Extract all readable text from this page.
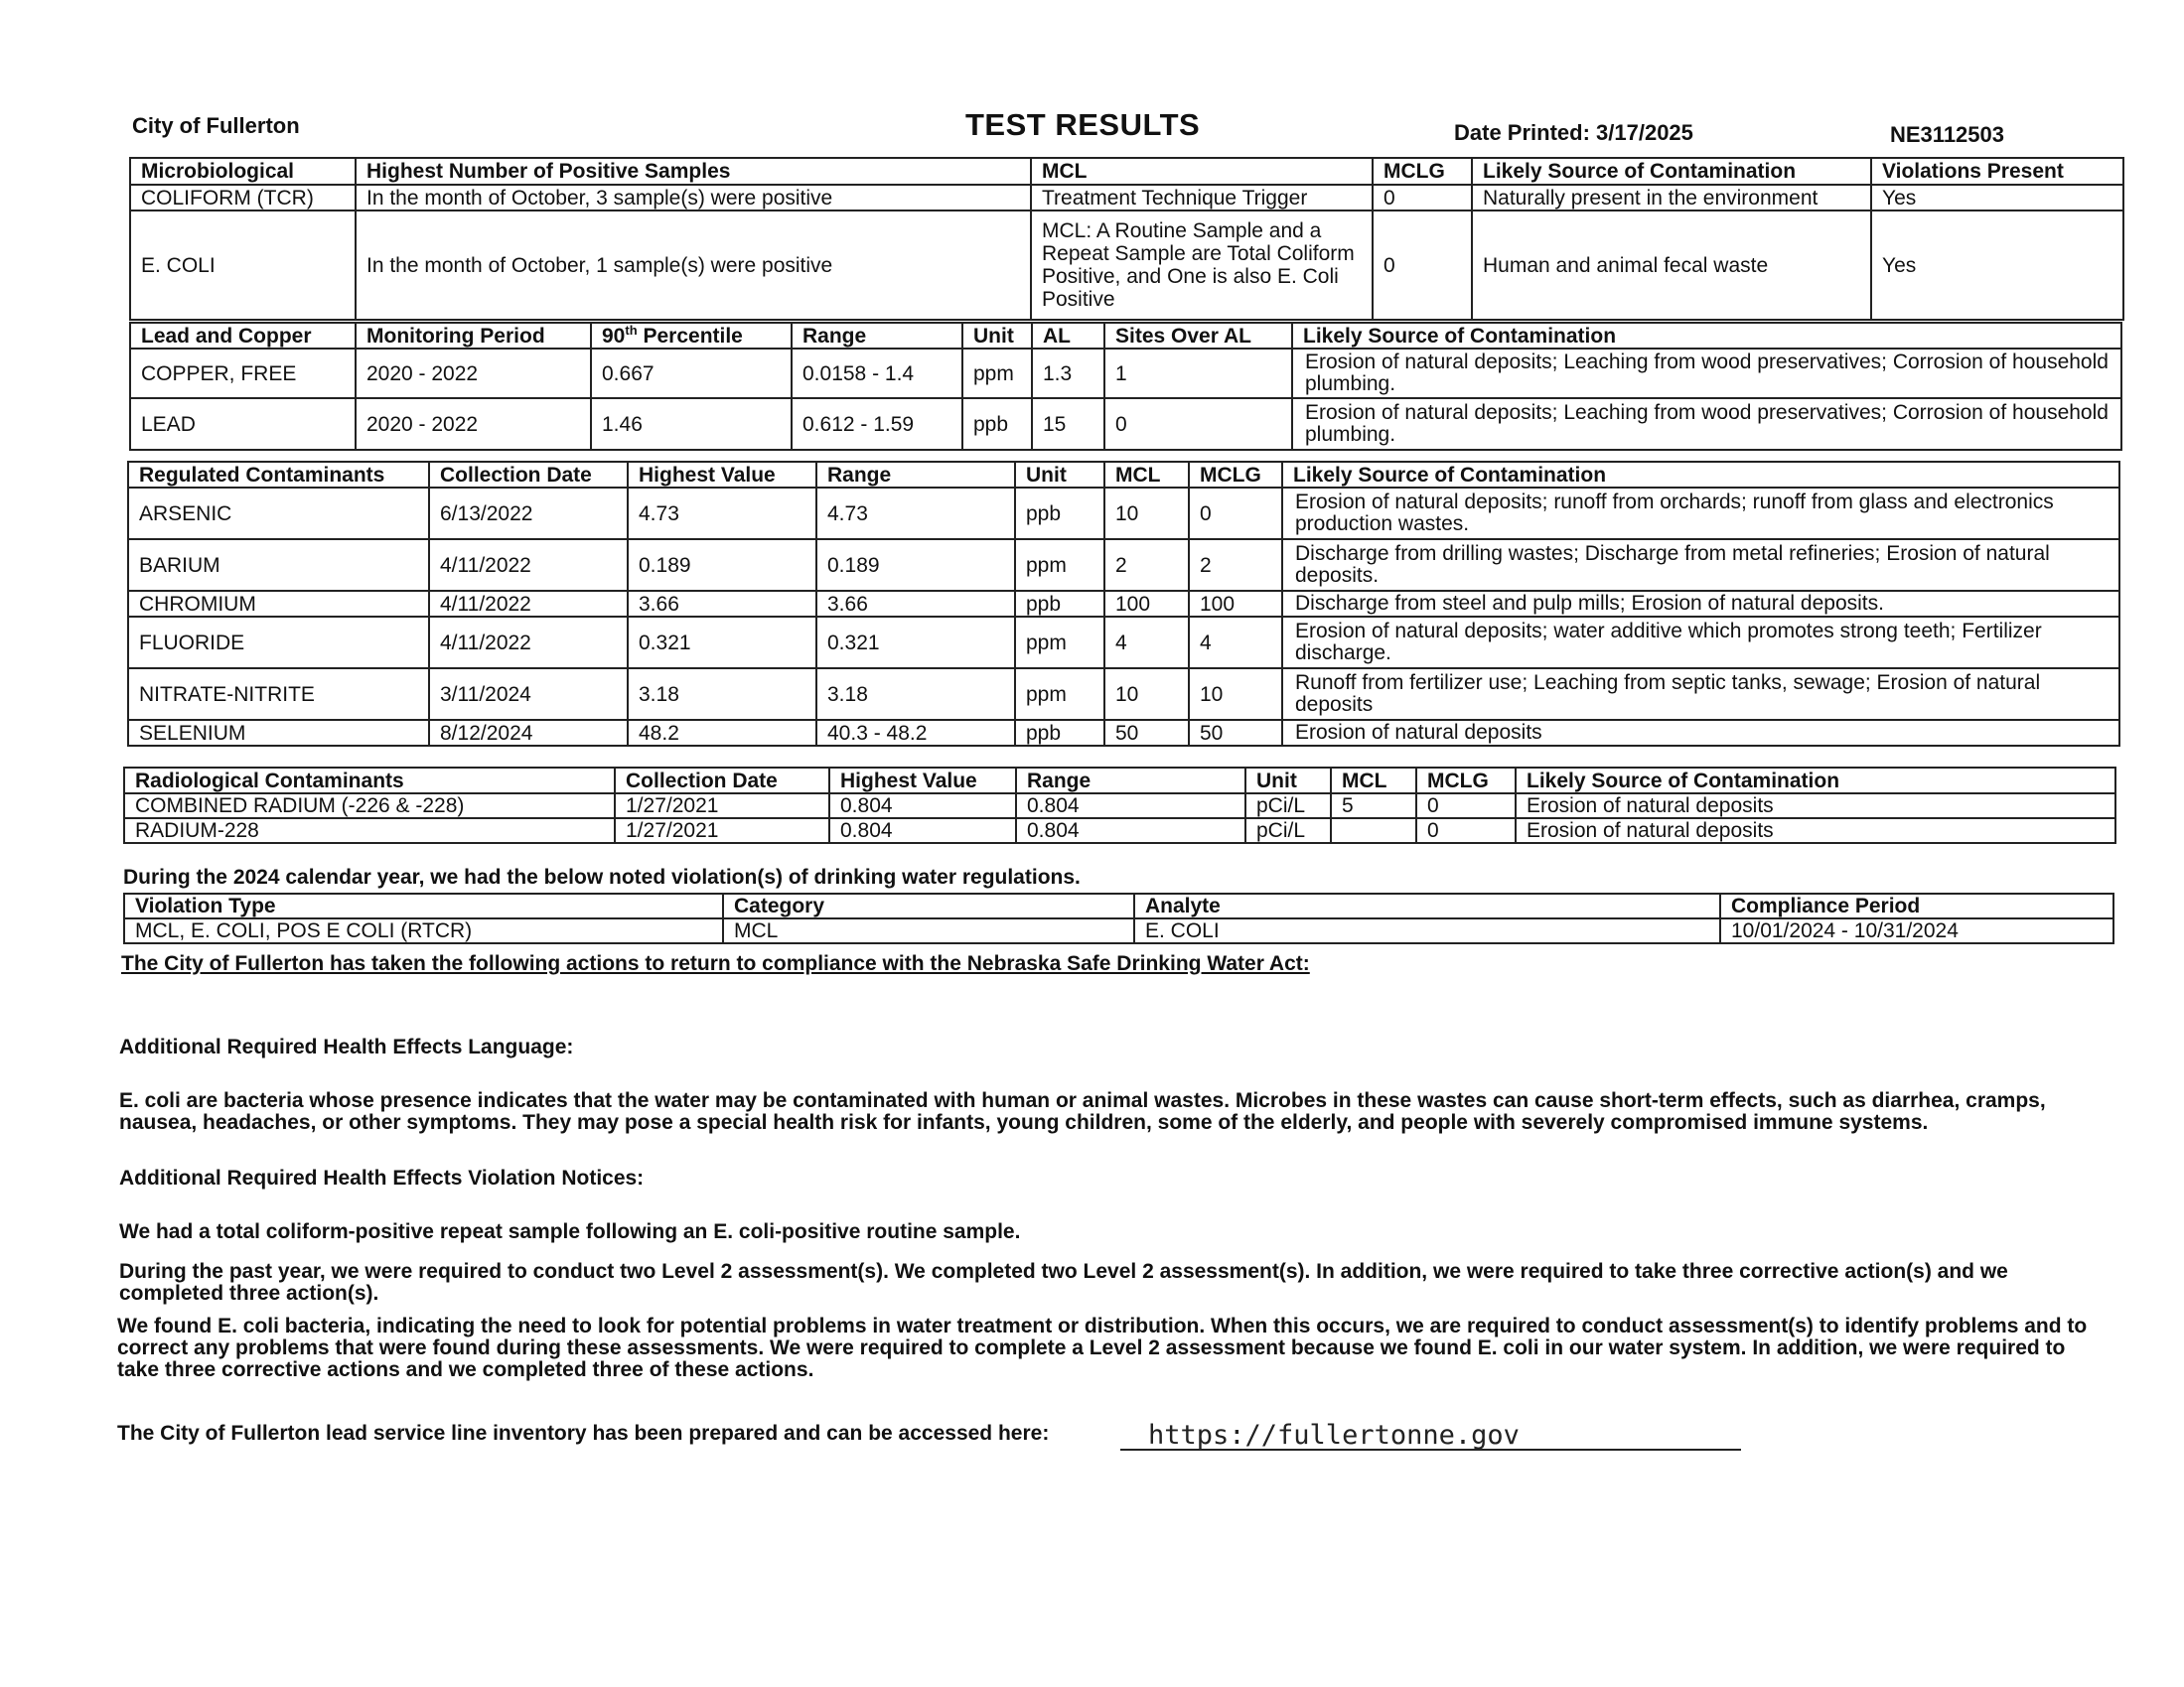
City of Fullerton	TEST RESULTS	Date Printed: 3/17/2025	NE3112503
Microbiological	Highest Number of Positive Samples	MCL	MCLG	Likely Source of Contamination	Violations Present
COLIFORM (TCR)	In the month of October, 3 sample(s) were positive	Treatment Technique Trigger	0	Naturally present in the environment	Yes
E. COLI	In the month of October, 1 sample(s) were positive	MCL: A Routine Sample and a Repeat Sample are Total Coliform Positive, and One is also E. Coli Positive	0	Human and animal fecal waste	Yes
Lead and Copper	Monitoring Period	90th Percentile	Range	Unit	AL	Sites Over AL	Likely Source of Contamination
COPPER, FREE	2020 - 2022	0.667	0.0158 - 1.4	ppm	1.3	1	Erosion of natural deposits; Leaching from wood preservatives; Corrosion of household plumbing.
LEAD	2020 - 2022	1.46	0.612 - 1.59	ppb	15	0	Erosion of natural deposits; Leaching from wood preservatives; Corrosion of household plumbing.
Regulated Contaminants	Collection Date	Highest Value	Range	Unit	MCL	MCLG	Likely Source of Contamination
ARSENIC	6/13/2022	4.73	4.73	ppb	10	0	Erosion of natural deposits; runoff from orchards; runoff from glass and electronics production wastes.
BARIUM	4/11/2022	0.189	0.189	ppm	2	2	Discharge from drilling wastes; Discharge from metal refineries; Erosion of natural deposits.
CHROMIUM	4/11/2022	3.66	3.66	ppb	100	100	Discharge from steel and pulp mills; Erosion of natural deposits.
FLUORIDE	4/11/2022	0.321	0.321	ppm	4	4	Erosion of natural deposits; water additive which promotes strong teeth; Fertilizer discharge.
NITRATE-NITRITE	3/11/2024	3.18	3.18	ppm	10	10	Runoff from fertilizer use; Leaching from septic tanks, sewage; Erosion of natural deposits
SELENIUM	8/12/2024	48.2	40.3 - 48.2	ppb	50	50	Erosion of natural deposits
Radiological Contaminants	Collection Date	Highest Value	Range	Unit	MCL	MCLG	Likely Source of Contamination
COMBINED RADIUM (-226 & -228)	1/27/2021	0.804	0.804	pCi/L	5	0	Erosion of natural deposits
RADIUM-228	1/27/2021	0.804	0.804	pCi/L		0	Erosion of natural deposits
During the 2024 calendar year, we had the below noted violation(s) of drinking water regulations.
Violation Type	Category	Analyte	Compliance Period
MCL, E. COLI, POS E COLI (RTCR)	MCL	E. COLI	10/01/2024 - 10/31/2024
The City of Fullerton has taken the following actions to return to compliance with the Nebraska Safe Drinking Water Act:
Additional Required Health Effects Language:
E. coli are bacteria whose presence indicates that the water may be contaminated with human or animal wastes. Microbes in these wastes can cause short-term effects, such as diarrhea, cramps, nausea, headaches, or other symptoms. They may pose a special health risk for infants, young children, some of the elderly, and people with severely compromised immune systems.
Additional Required Health Effects Violation Notices:
We had a total coliform-positive repeat sample following an E. coli-positive routine sample.
During the past year, we were required to conduct two Level 2 assessment(s). We completed two Level 2 assessment(s). In addition, we were required to take three corrective action(s) and we completed three action(s).
We found E. coli bacteria, indicating the need to look for potential problems in water treatment or distribution. When this occurs, we are required to conduct assessment(s) to identify problems and to correct any problems that were found during these assessments. We were required to complete a Level 2 assessment because we found E. coli in our water system. In addition, we were required to take three corrective actions and we completed three of these actions.
The City of Fullerton lead service line inventory has been prepared and can be accessed here:	https://fullertonne.gov
